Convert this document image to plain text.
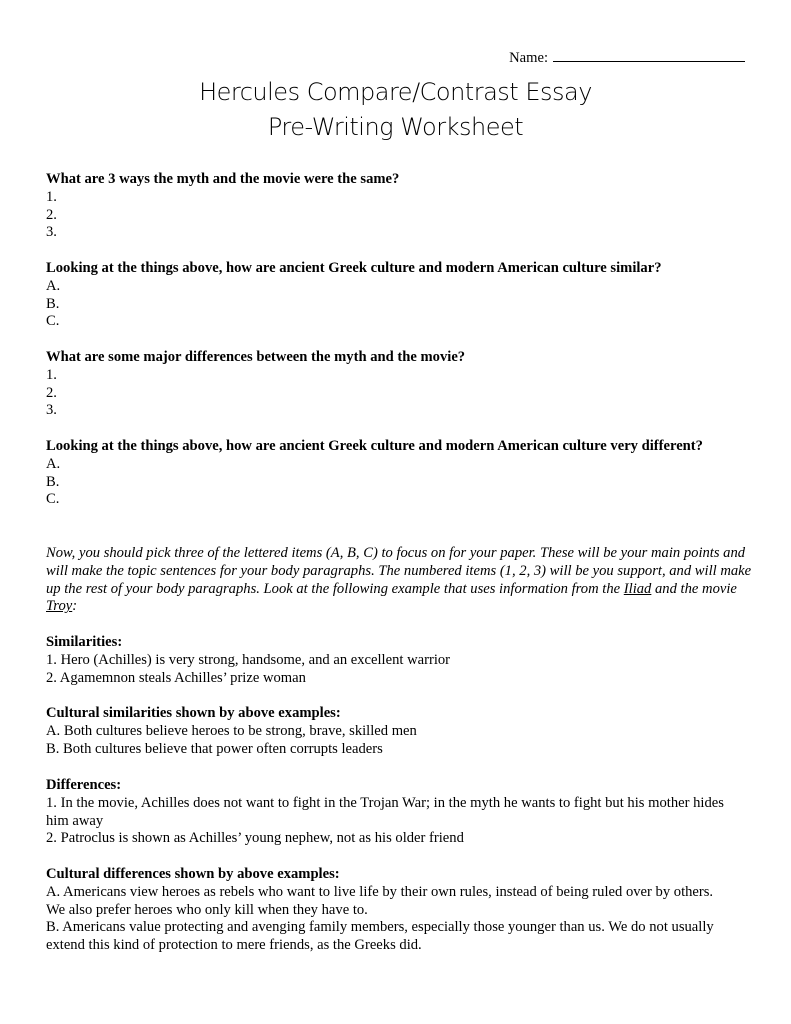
Name:
Hercules Compare/Contrast Essay
Pre-Writing Worksheet

What are 3 ways the myth and the movie were the same?

1.

2.

3.

Looking at the things above, how are ancient Greek culture and modern American culture similar?

A.

B.

C.

What are some major differences between the myth and the movie?

1.

2.

3.

Looking at the things above, how are ancient Greek culture and modern American culture very different?

A.

B.

C.

Now, you should pick three of the lettered items (A, B, C) to focus on for your paper. These will be your main points and will make the topic sentences for your body paragraphs. The numbered items (1, 2, 3) will be you support, and will make up the rest of your body paragraphs. Look at the following example that uses information from the Iliad and the movie Troy:

Similarities:

1. Hero (Achilles) is very strong, handsome, and an excellent warrior

2. Agamemnon steals Achilles’ prize woman

Cultural similarities shown by above examples:

A. Both cultures believe heroes to be strong, brave, skilled men

B. Both cultures believe that power often corrupts leaders

Differences:

1. In the movie, Achilles does not want to fight in the Trojan War; in the myth he wants to fight but his mother hides him away

2. Patroclus is shown as Achilles’ young nephew, not as his older friend

Cultural differences shown by above examples:

A. Americans view heroes as rebels who want to live life by their own rules, instead of being ruled over by others. We also prefer heroes who only kill when they have to.

B. Americans value protecting and avenging family members, especially those younger than us. We do not usually extend this kind of protection to mere friends, as the Greeks did.
